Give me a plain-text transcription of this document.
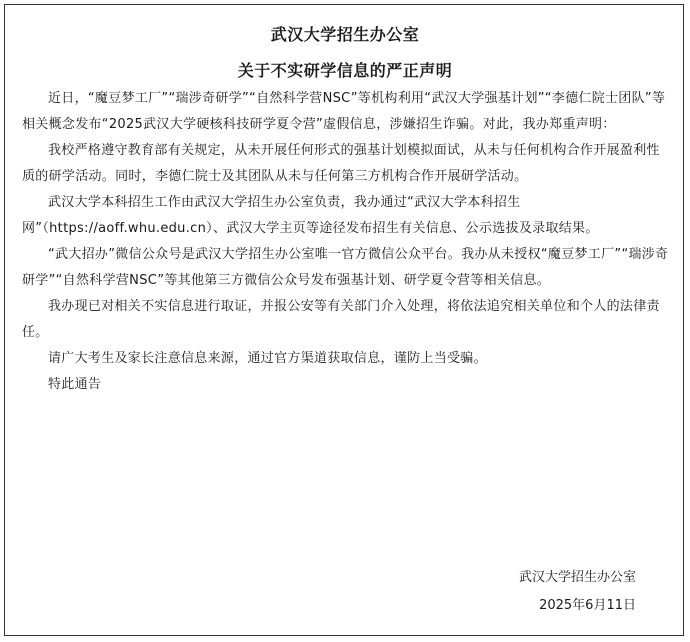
武汉大学招生办公室
关于不实研学信息的严正声明

近日，“魔豆梦工厂”“瑞涉奇研学”“自然科学营NSC”等机构利用“武汉大学强基计划”“李德仁院士团队”等相关概念发布“2025武汉大学硬核科技研学夏令营”虚假信息，涉嫌招生诈骗。对此，我办郑重声明：

我校严格遵守教育部有关规定，从未开展任何形式的强基计划模拟面试，从未与任何机构合作开展盈利性质的研学活动。同时，李德仁院士及其团队从未与任何第三方机构合作开展研学活动。

武汉大学本科招生工作由武汉大学招生办公室负责，我办通过“武汉大学本科招生网”（https://aoff.whu.edu.cn）、武汉大学主页等途径发布招生有关信息、公示选拔及录取结果。

“武大招办”微信公众号是武汉大学招生办公室唯一官方微信公众平台。我办从未授权“魔豆梦工厂”“瑞涉奇研学”“自然科学营NSC”等其他第三方微信公众号发布强基计划、研学夏令营等相关信息。

我办现已对相关不实信息进行取证，并报公安等有关部门介入处理，将依法追究相关单位和个人的法律责任。

请广大考生及家长注意信息来源，通过官方渠道获取信息，谨防上当受骗。

特此通告

武汉大学招生办公室
2025年6月11日
